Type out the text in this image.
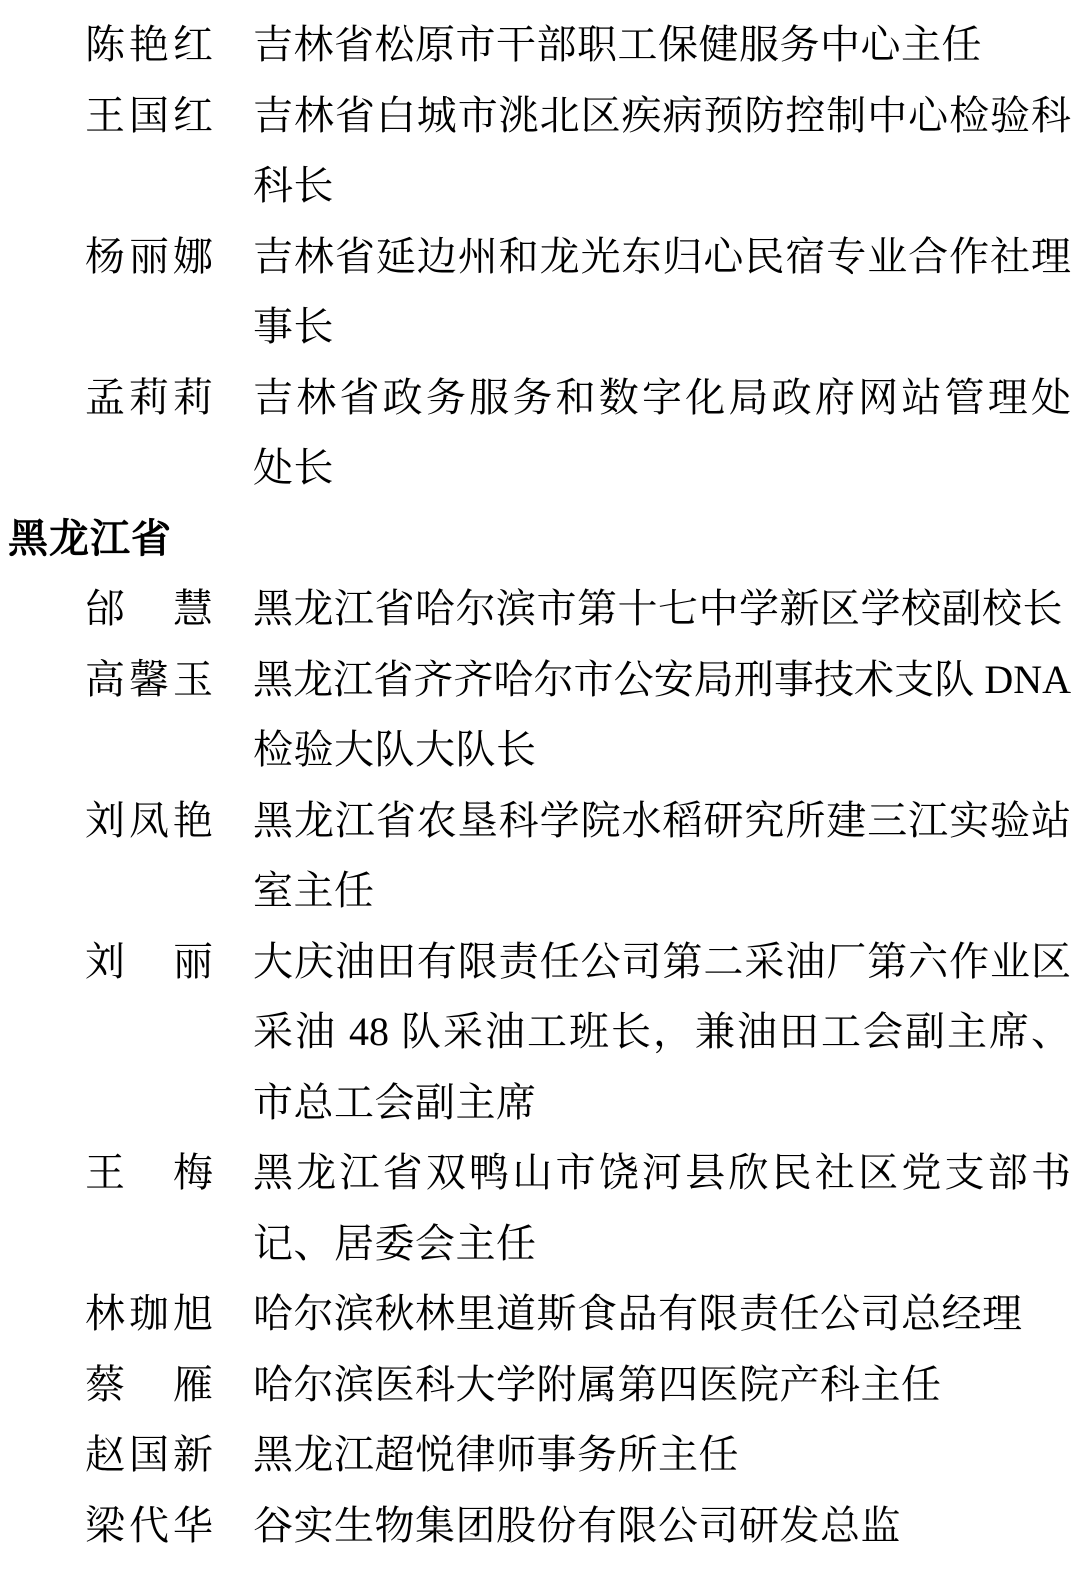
陈艳红 吉林省松原市干部职工保健服务中心主任
王国红 吉林省白城市洮北区疾病预防控制中心检验科
科长
杨丽娜 吉林省延边州和龙光东归心民宿专业合作社理
事长
孟莉莉 吉林省政务服务和数字化局政府网站管理处
处长
黑龙江省
邰　慧 黑龙江省哈尔滨市第十七中学新区学校副校长
高馨玉 黑龙江省齐齐哈尔市公安局刑事技术支队 DNA
检验大队大队长
刘凤艳 黑龙江省农垦科学院水稻研究所建三江实验站
室主任
刘　丽 大庆油田有限责任公司第二采油厂第六作业区
采油 48 队采油工班长，兼油田工会副主席、
市总工会副主席
王　梅 黑龙江省双鸭山市饶河县欣民社区党支部书
记、居委会主任
林珈旭 哈尔滨秋林里道斯食品有限责任公司总经理
蔡　雁 哈尔滨医科大学附属第四医院产科主任
赵国新 黑龙江超悦律师事务所主任
梁代华 谷实生物集团股份有限公司研发总监
